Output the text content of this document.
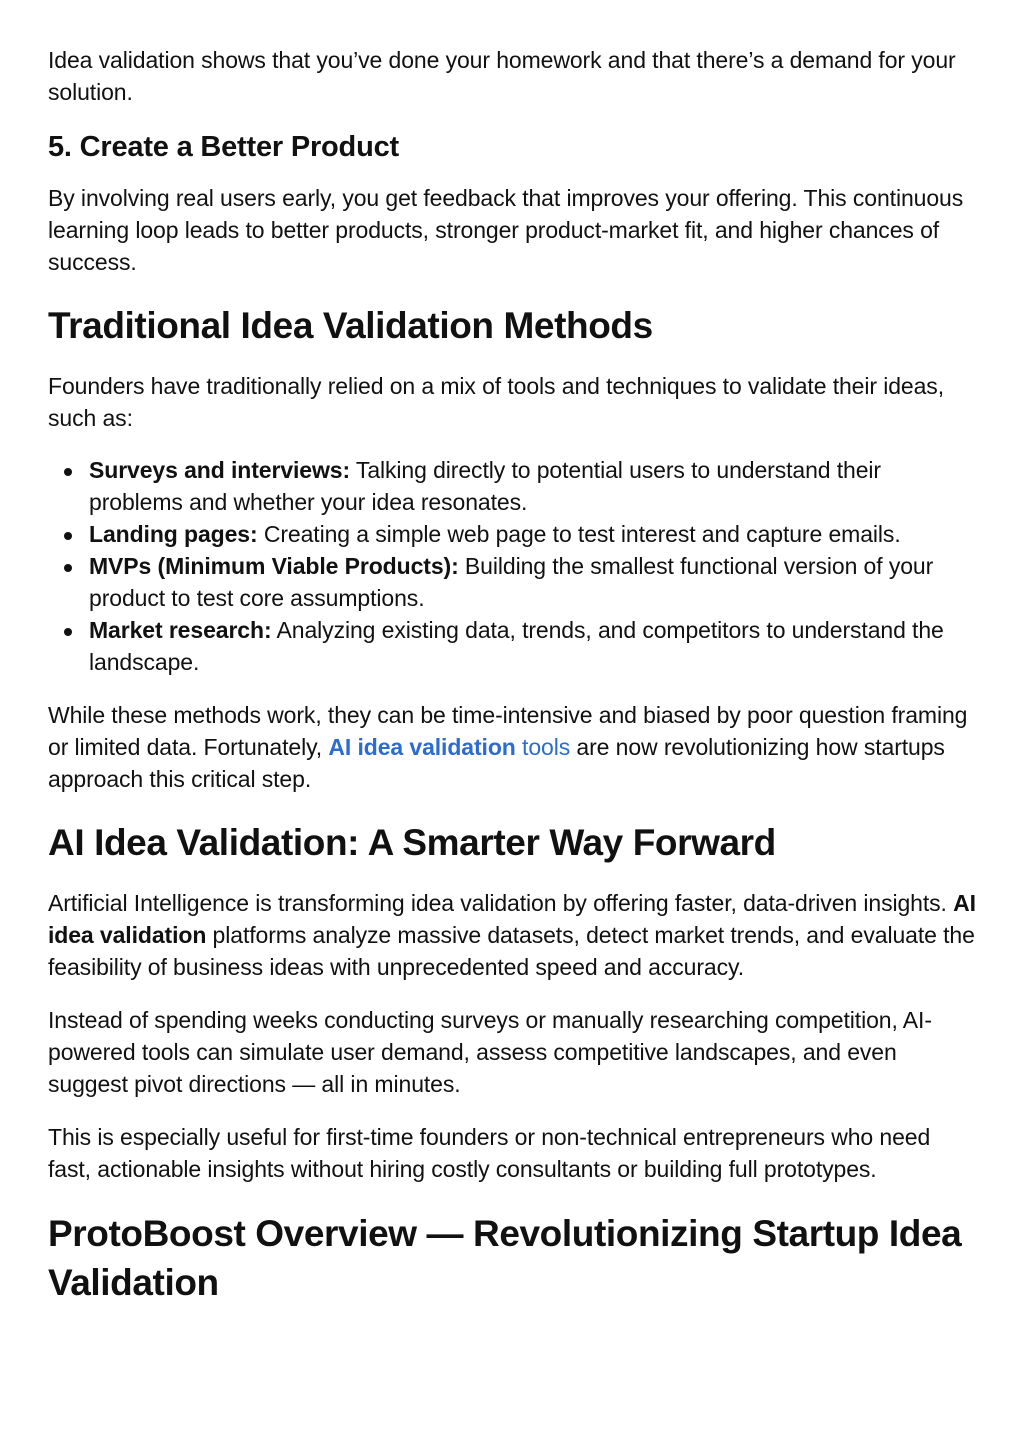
Idea validation shows that you’ve done your homework and that there’s a demand for your solution.

5. Create a Better Product

By involving real users early, you get feedback that improves your offering. This continuous learning loop leads to better products, stronger product-market fit, and higher chances of success.

Traditional Idea Validation Methods

Founders have traditionally relied on a mix of tools and techniques to validate their ideas, such as:

Surveys and interviews: Talking directly to potential users to understand their problems and whether your idea resonates.
Landing pages: Creating a simple web page to test interest and capture emails.
MVPs (Minimum Viable Products): Building the smallest functional version of your product to test core assumptions.
Market research: Analyzing existing data, trends, and competitors to understand the landscape.

While these methods work, they can be time-intensive and biased by poor question framing or limited data. Fortunately, AI idea validation tools are now revolutionizing how startups approach this critical step.

AI Idea Validation: A Smarter Way Forward

Artificial Intelligence is transforming idea validation by offering faster, data-driven insights. AI idea validation platforms analyze massive datasets, detect market trends, and evaluate the feasibility of business ideas with unprecedented speed and accuracy.

Instead of spending weeks conducting surveys or manually researching competition, AI-powered tools can simulate user demand, assess competitive landscapes, and even suggest pivot directions — all in minutes.

This is especially useful for first-time founders or non-technical entrepreneurs who need fast, actionable insights without hiring costly consultants or building full prototypes.

ProtoBoost Overview — Revolutionizing Startup Idea Validation
